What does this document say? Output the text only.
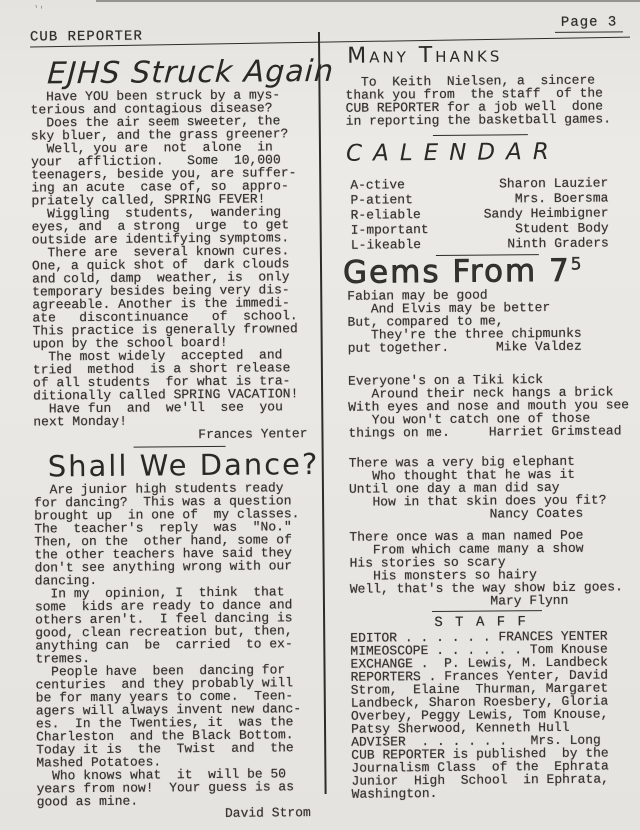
‛′
CUB REPORTER
Page 3
EJHS Struck Again
Have YOU been struck by a mys-
terious and contagious disease?
Does the air seem sweeter, the
sky bluer, and the grass greener?
Well, you are  not  alone  in
your  affliction.   Some  10,000
teenagers, beside you, are suffer-
ing an acute  case of, so  appro-
priately called, SPRING FEVER!
Wiggling  students,  wandering
eyes, and  a strong  urge  to get
outside are identifying symptoms.
There are  several known cures.
One, a quick shot of  dark clouds
and cold, damp  weather, is  only
temporary besides being very dis-
agreeable. Another is the immedi-
ate   discontinuance   of  school.
This practice is generally frowned
upon by the school board!
The most widely  accepted  and
tried  method  is a short release
of all students  for what is tra-
ditionally called SPRING VACATION!
Have fun  and  we'll  see  you
next Monday!
Frances Yenter
Shall We Dance?
Are junior high students ready
for dancing?  This was a question
brought up  in one of  my classes.
The  teacher's  reply  was  "No."
Then, on the  other hand, some of
the other teachers have said they
don't see anything wrong with our
dancing.
In my  opinion, I  think  that
some  kids are ready to dance and
others aren't.  I feel dancing is
good, clean recreation but, then,
anything can  be  carried  to ex-
tremes.
People have  been  dancing for
centuries  and they probably will
be for many years to come.  Teen-
agers will always invent new danc-
es.  In the Twenties, it  was the
Charleston  and the Black Bottom.
Today it is  the  Twist  and  the
Mashed Potatoes.
Who knows what  it  will be 50
years from now!  Your guess is as
good as mine.
David Strom
Many Thanks
To  Keith  Nielsen, a  sincere
thank you from  the staff  of the
CUB REPORTER for a job well  done
in reporting the basketball games.
CALENDAR
A-ctive	Sharon Lauzier
P-atient	Mrs. Boersma
R-eliable	Sandy Heimbigner
I-mportant	Student Body
L-ikeable	Ninth Graders
Gems From $7^5$
Fabian may be good
And Elvis may be better
But, compared to me,
They're the three chipmunks
put together.      Mike Valdez
Everyone's on a Tiki kick
Around their neck hangs a brick
With eyes and nose and mouth you see
You won't catch one of those
things on me.     Harriet Grimstead
There was a very big elephant
Who thought that he was it
Until one day a man did say
How in that skin does you fit?
Nancy Coates
There once was a man named Poe
From which came many a show
His stories so scary
His monsters so hairy
Well, that's the way show biz goes.
Mary Flynn
S T A F F
EDITOR . . . . . . FRANCES YENTER
MIMEOSCOPE . . . . . . Tom Knouse
EXCHANGE .  P. Lewis, M. Landbeck
REPORTERS . Frances Yenter, David
Strom,  Elaine  Thurman, Margaret
Landbeck, Sharon Roesbery, Gloria
Overbey, Peggy Lewis, Tom Knouse,
Patsy Sherwood, Kenneth Hull
ADVISER  . . . . . .   Mrs. Long
CUB REPORTER is published  by the
Journalism Class  of the  Ephrata
Junior  High  School  in Ephrata,
Washington.
